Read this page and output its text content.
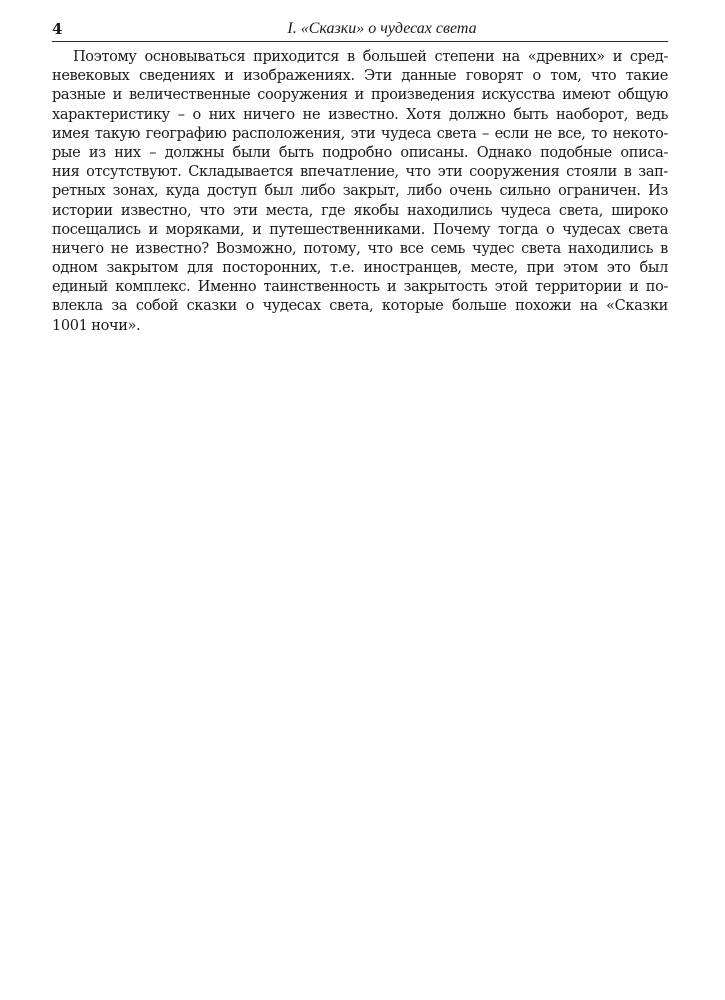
4	I. «Сказки» о чудесах света
Поэтому основываться приходится в большей степени на «древних» и сред-
невековых сведениях и изображениях. Эти данные говорят о том, что такие
разные и величественные сооружения и произведения искусства имеют общую
характеристику – о них ничего не известно. Хотя должно быть наоборот, ведь
имея такую географию расположения, эти чудеса света – если не все, то некото-
рые из них – должны были быть подробно описаны. Однако подобные описа-
ния отсутствуют. Складывается впечатление, что эти сооружения стояли в зап-
ретных зонах, куда доступ был либо закрыт, либо очень сильно ограничен. Из
истории известно, что эти места, где якобы находились чудеса света, широко
посещались и моряками, и путешественниками. Почему тогда о чудесах света
ничего не известно? Возможно, потому, что все семь чудес света находились в
одном закрытом для посторонних, т.е. иностранцев, месте, при этом это был
единый комплекс. Именно таинственность и закрытость этой территории и по-
влекла за собой сказки о чудесах света, которые больше похожи на «Сказки
1001 ночи».
